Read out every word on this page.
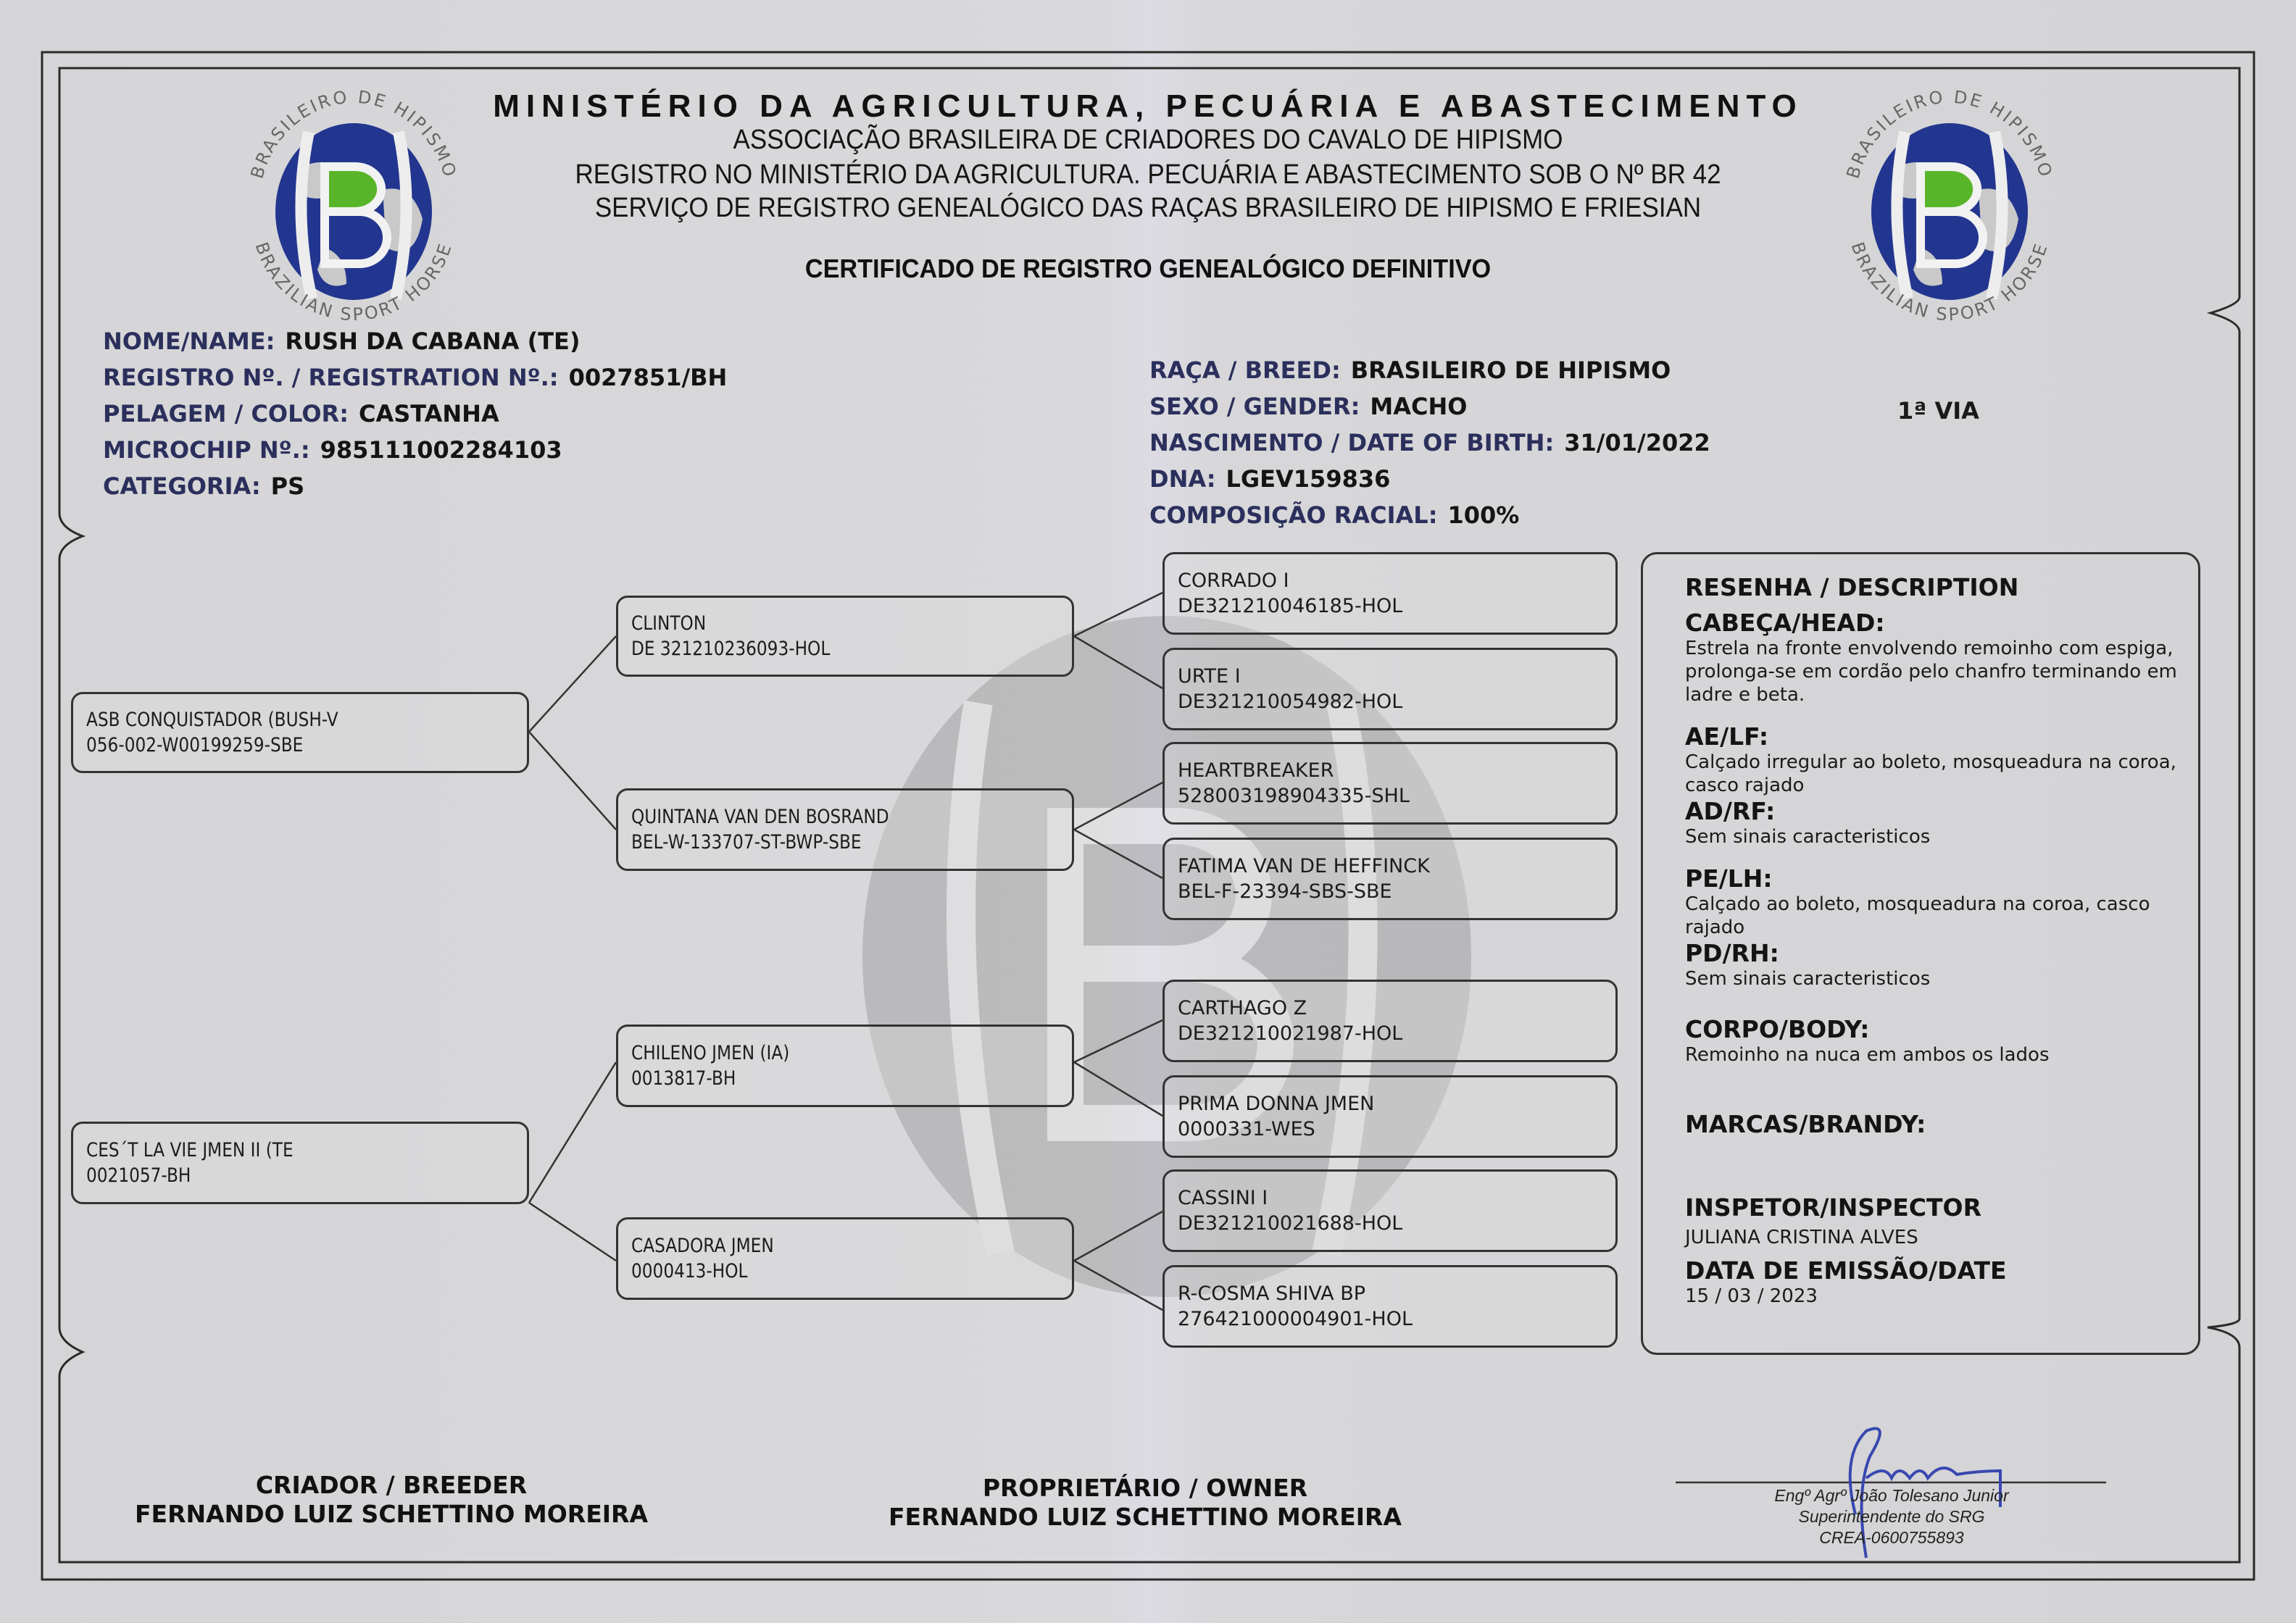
BRASILEIRO DE HIPISMO
BRAZILIAN SPORT HORSE
BRASILEIRO DE HIPISMO
BRAZILIAN SPORT HORSE
MINISTÉRIO DA AGRICULTURA, PECUÁRIA E ABASTECIMENTO
ASSOCIAÇÃO BRASILEIRA DE CRIADORES DO CAVALO DE HIPISMO
REGISTRO NO MINISTÉRIO DA AGRICULTURA. PECUÁRIA E ABASTECIMENTO SOB O Nº BR 42
SERVIÇO DE REGISTRO GENEALÓGICO DAS RAÇAS BRASILEIRO DE HIPISMO E FRIESIAN
CERTIFICADO DE REGISTRO GENEALÓGICO DEFINITIVO
NOME/NAME: RUSH DA CABANA (TE)
REGISTRO Nº. / REGISTRATION Nº.: 0027851/BH
PELAGEM / COLOR: CASTANHA
MICROCHIP Nº.: 985111002284103
CATEGORIA: PS
RAÇA / BREED: BRASILEIRO DE HIPISMO
SEXO / GENDER: MACHO
NASCIMENTO / DATE OF BIRTH: 31/01/2022
DNA: LGEV159836
COMPOSIÇÃO RACIAL: 100%
1ª VIA
ASB CONQUISTADOR (BUSH-V
056-002-W00199259-SBE
CES´T LA VIE JMEN II (TE
0021057-BH
CLINTON
DE 321210236093-HOL
QUINTANA VAN DEN BOSRAND
BEL-W-133707-ST-BWP-SBE
CHILENO JMEN (IA)
0013817-BH
CASADORA JMEN
0000413-HOL
CORRADO I
DE321210046185-HOL
URTE I
DE321210054982-HOL
HEARTBREAKER
528003198904335-SHL
FATIMA VAN DE HEFFINCK
BEL-F-23394-SBS-SBE
CARTHAGO Z
DE321210021987-HOL
PRIMA DONNA JMEN
0000331-WES
CASSINI I
DE321210021688-HOL
R-COSMA SHIVA BP
276421000004901-HOL
RESENHA / DESCRIPTION
CABEÇA/HEAD:
Estrela na fronte envolvendo remoinho com espiga, prolonga-se em cordão pelo chanfro terminando em ladre e beta.
AE/LF:
Calçado irregular ao boleto, mosqueadura na coroa, casco rajado
AD/RF:
Sem sinais caracteristicos
PE/LH:
Calçado ao boleto, mosqueadura na coroa, casco rajado
PD/RH:
Sem sinais caracteristicos
CORPO/BODY:
Remoinho na nuca em ambos os lados
MARCAS/BRANDY:
INSPETOR/INSPECTOR
JULIANA CRISTINA ALVES
DATA DE EMISSÃO/DATE
15 / 03 / 2023
CRIADOR / BREEDER
FERNANDO LUIZ SCHETTINO MOREIRA
PROPRIETÁRIO / OWNER
FERNANDO LUIZ SCHETTINO MOREIRA
Engº Agrº João Tolesano Junior
Superintendente do SRG
CREA-0600755893
